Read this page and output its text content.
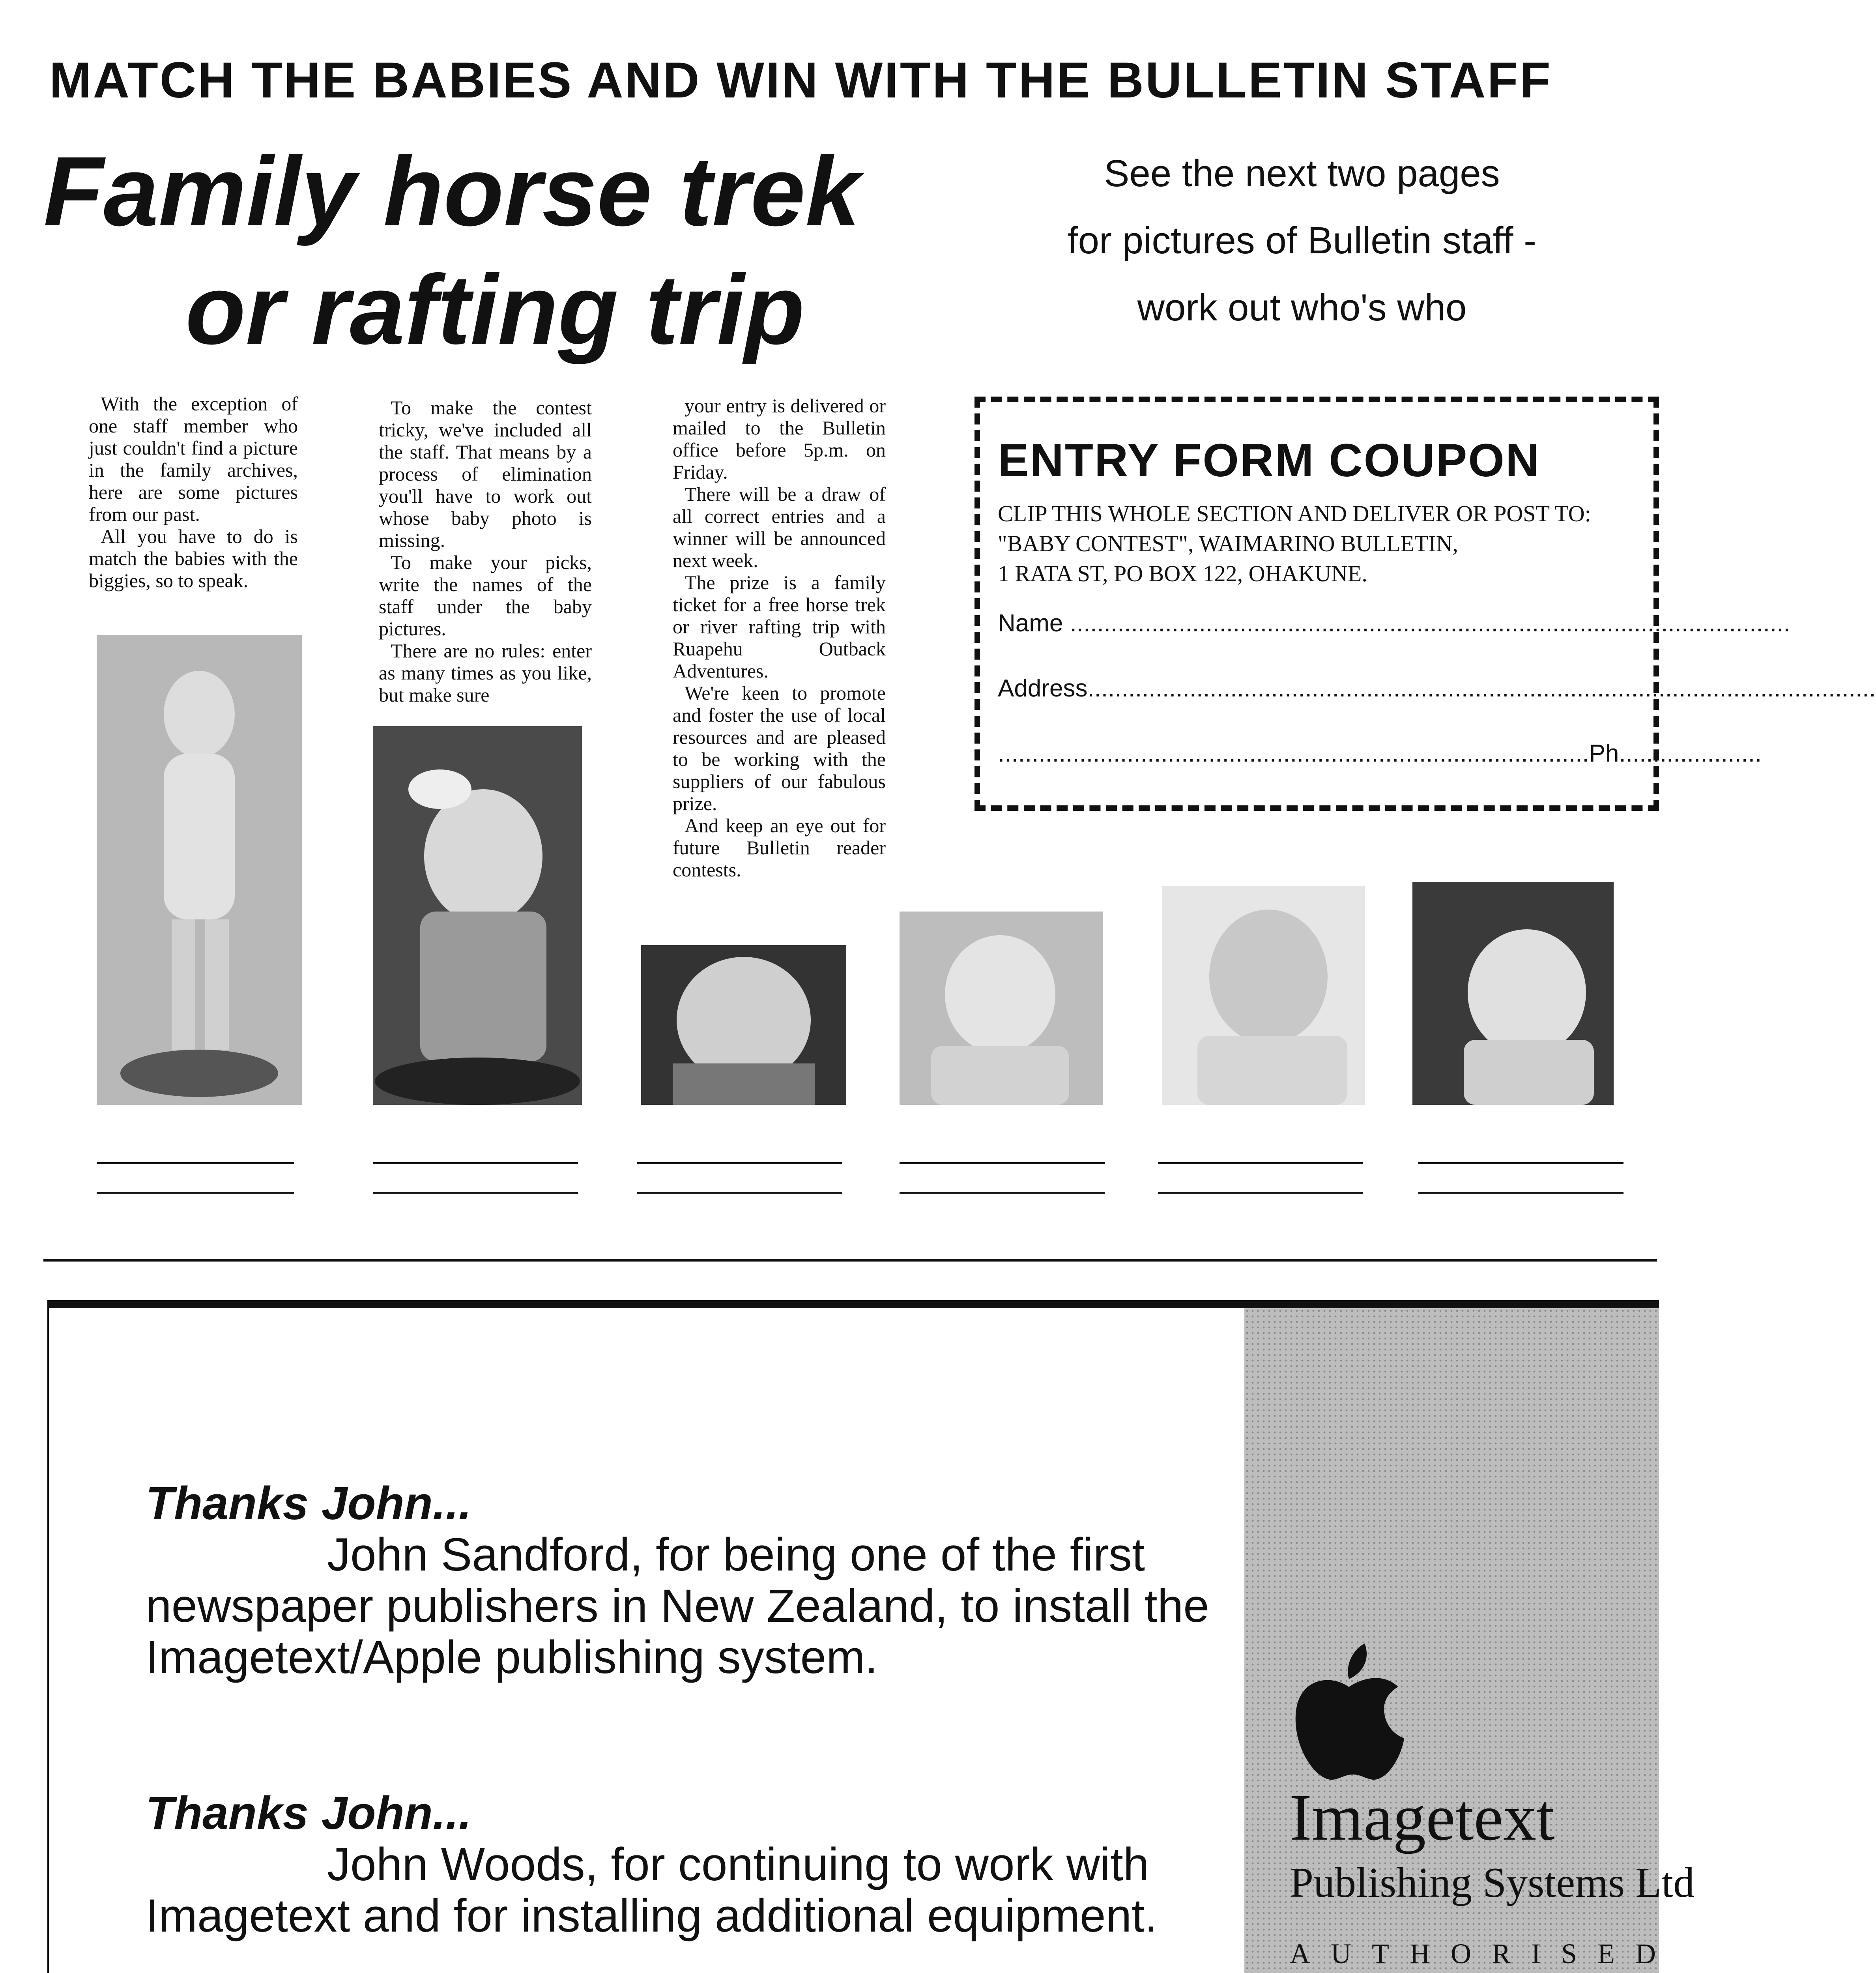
MATCH THE BABIES AND WIN WITH THE BULLETIN STAFF
Family horse trek
or rafting trip
See the next two pages
for pictures of Bulletin staff -
work out who's who

With the exception of one staff member who just couldn't find a picture in the family archives, here are some pictures from our past.

All you have to do is match the babies with the biggies, so to speak.

To make the contest tricky, we've included all the staff. That means by a process of elimination you'll have to work out whose baby photo is missing.

To make your picks, write the names of the staff under the baby pictures.

There are no rules: enter as many times as you like, but make sure

your entry is delivered or mailed to the Bulletin office before 5p.m. on Friday.

There will be a draw of all correct entries and a winner will be announced next week.

The prize is a family ticket for a free horse trek or river rafting trip with Ruapehu Outback Adventures.

We're keen to promote and foster the use of local resources and are pleased to be working with the suppliers of our fabulous prize.

And keep an eye out for future Bulletin reader contests.

ENTRY FORM COUPON
CLIP THIS WHOLE SECTION AND DELIVER OR POST TO:
"BABY CONTEST", WAIMARINO BULLETIN,
1 RATA ST, PO BOX 122, OHAKUNE.
Name ..........................................................................................................
Address....................................................................................................................
.......................................................................................Ph.....................
Thanks John...

John Sandford, for being one of the first newspaper publishers in New Zealand, to install the Imagetext/Apple publishing system.

Thanks John...

John Woods, for continuing to work with Imagetext and for installing additional equipment.

Imagetext
Publishing Systems Ltd
AUTHORISED
